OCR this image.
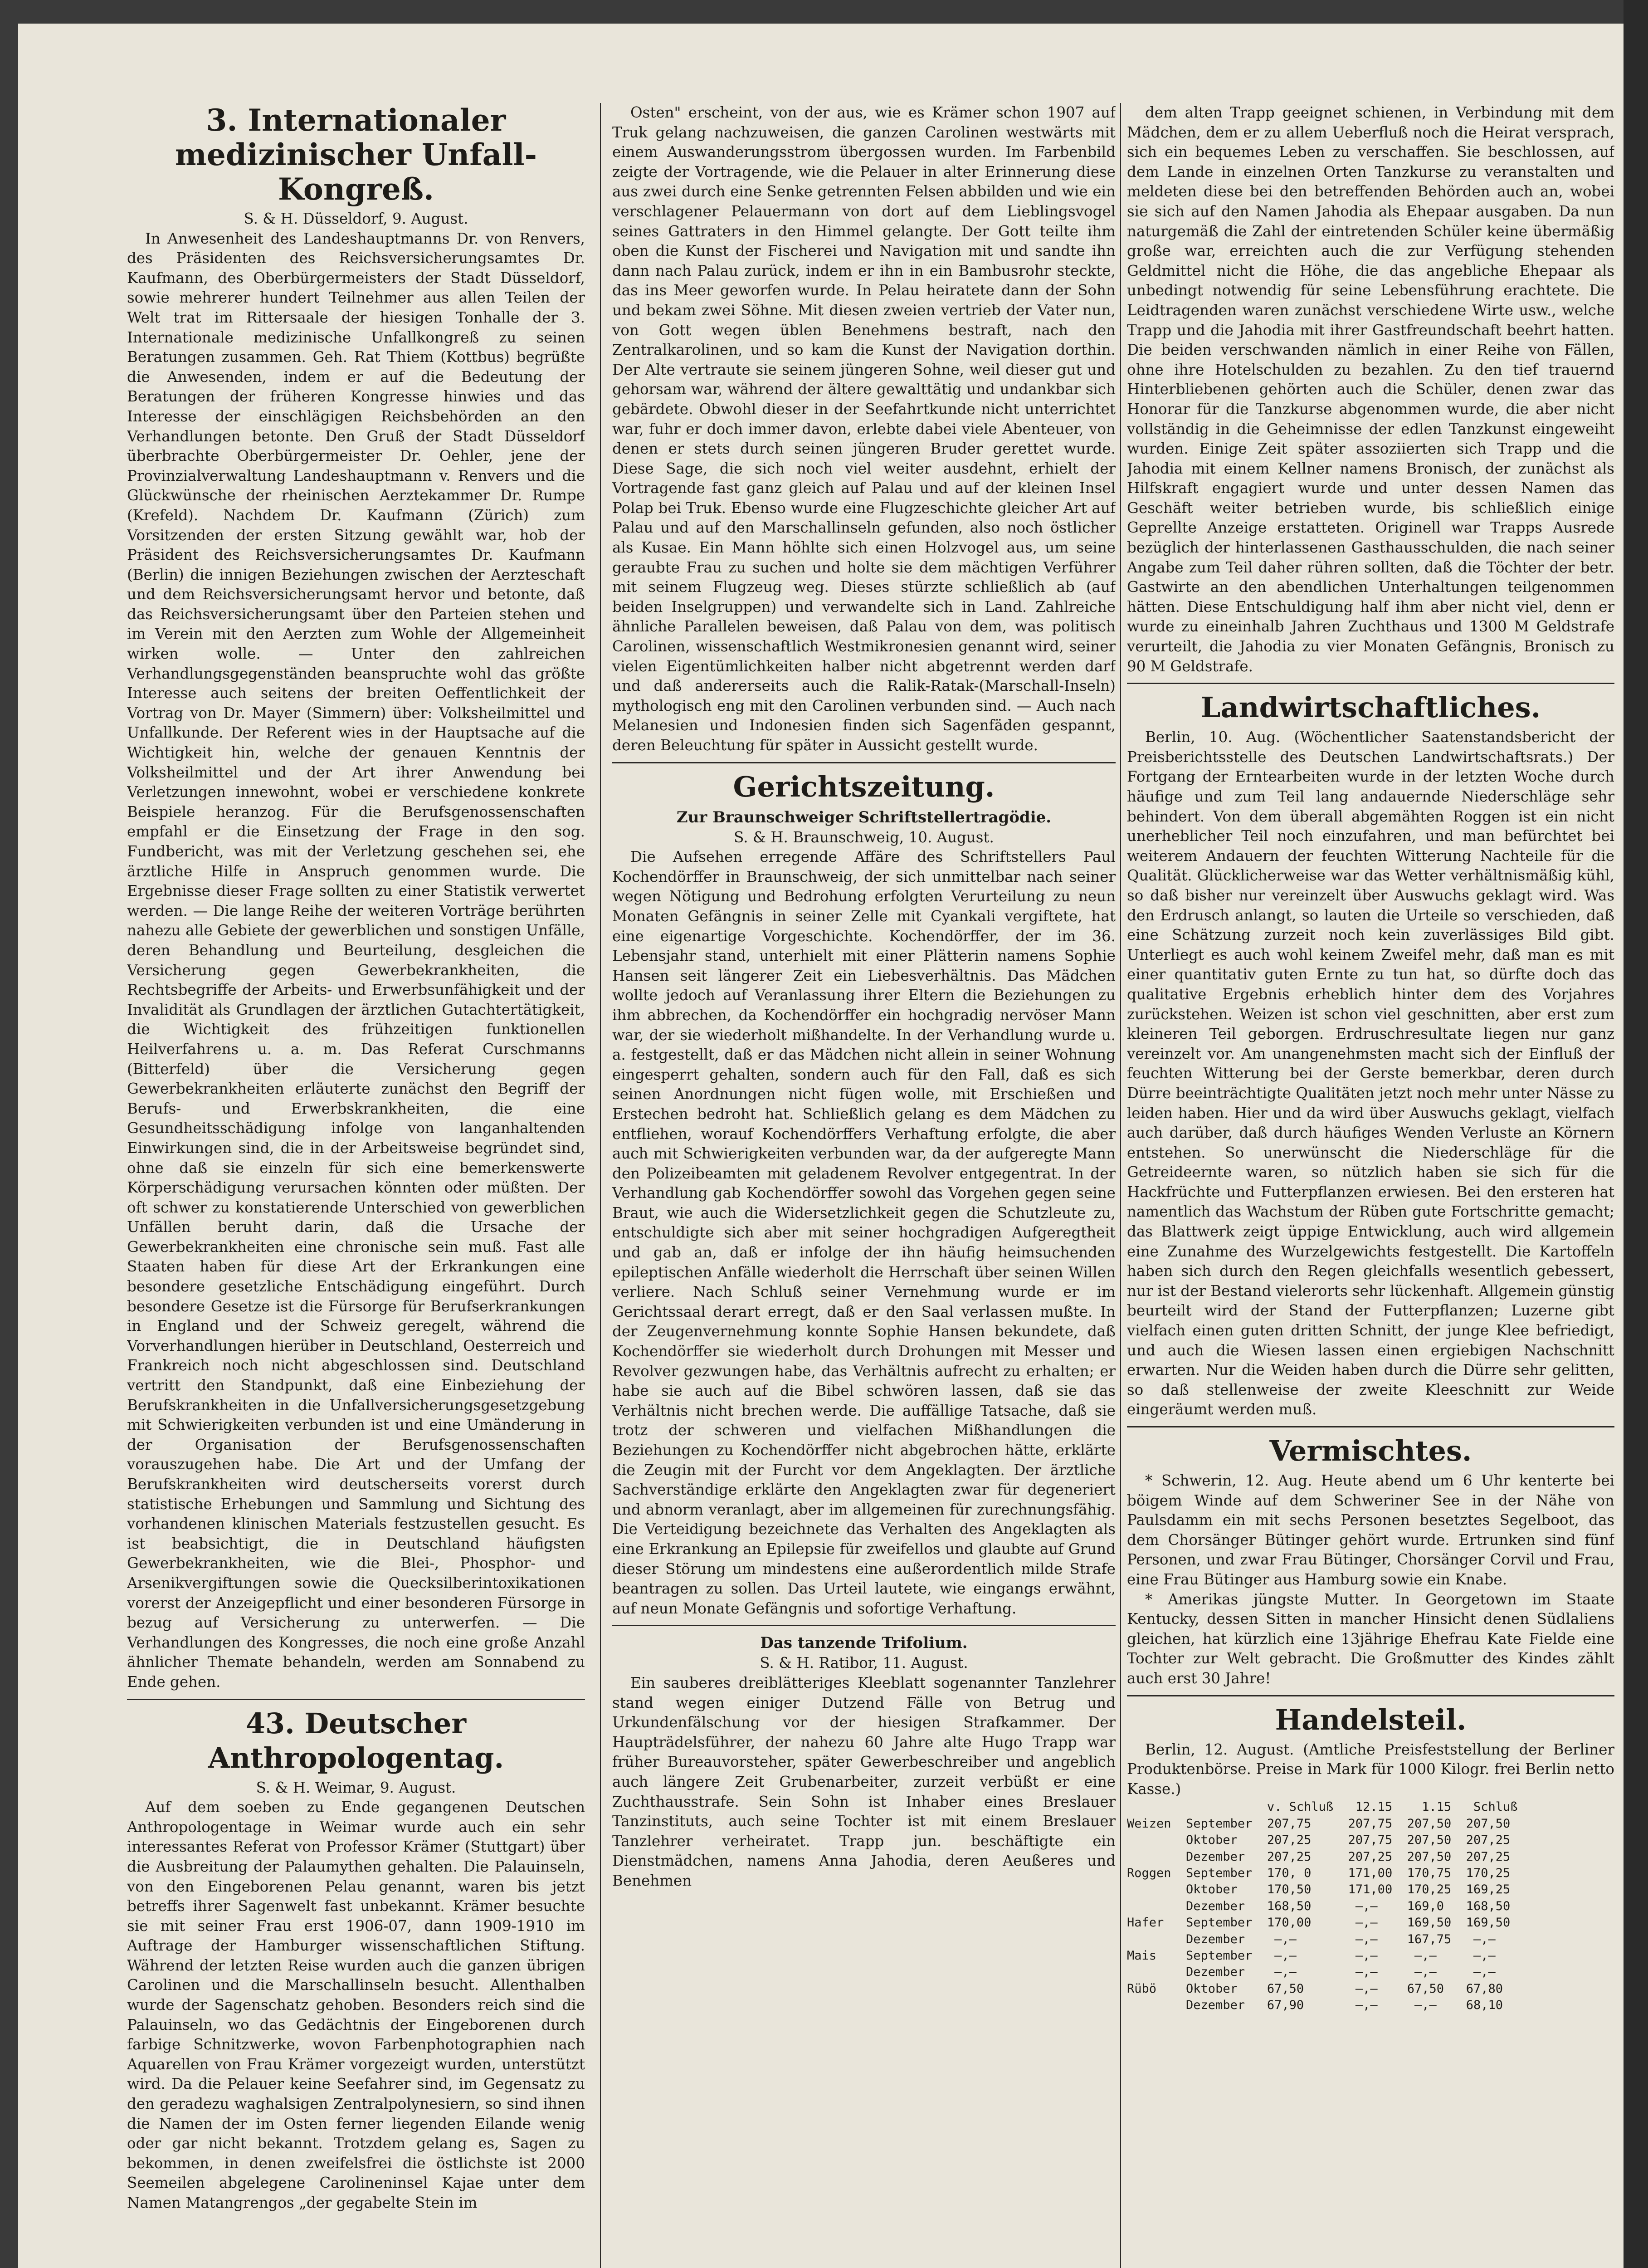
3. Internationaler medizinischer Unfall-Kongreß.

S. & H. Düsseldorf, 9. August.

In Anwesenheit des Landeshauptmanns Dr. von Renvers, des Präsidenten des Reichsversicherungsamtes Dr. Kaufmann, des Oberbürgermeisters der Stadt Düsseldorf, sowie mehrerer hundert Teilnehmer aus allen Teilen der Welt trat im Rittersaale der hiesigen Tonhalle der 3. Internationale medizinische Unfallkongreß zu seinen Beratungen zusammen. Geh. Rat Thiem (Kottbus) begrüßte die Anwesenden, indem er auf die Bedeutung der Beratungen der früheren Kongresse hinwies und das Interesse der einschlägigen Reichsbehörden an den Verhandlungen betonte. Den Gruß der Stadt Düsseldorf überbrachte Oberbürgermeister Dr. Oehler, jene der Provinzialverwaltung Landeshauptmann v. Renvers und die Glückwünsche der rheinischen Aerztekammer Dr. Rumpe (Krefeld). Nachdem Dr. Kaufmann (Zürich) zum Vorsitzenden der ersten Sitzung gewählt war, hob der Präsident des Reichsversicherungsamtes Dr. Kaufmann (Berlin) die innigen Beziehungen zwischen der Aerzteschaft und dem Reichsversicherungsamt hervor und betonte, daß das Reichsversicherungsamt über den Parteien stehen und im Verein mit den Aerzten zum Wohle der Allgemeinheit wirken wolle. — Unter den zahlreichen Verhandlungsgegenständen beanspruchte wohl das größte Interesse auch seitens der breiten Oeffentlichkeit der Vortrag von Dr. Mayer (Simmern) über: Volksheilmittel und Unfallkunde. Der Referent wies in der Hauptsache auf die Wichtigkeit hin, welche der genauen Kenntnis der Volksheilmittel und der Art ihrer Anwendung bei Verletzungen innewohnt, wobei er verschiedene konkrete Beispiele heranzog. Für die Berufsgenossenschaften empfahl er die Einsetzung der Frage in den sog. Fundbericht, was mit der Verletzung geschehen sei, ehe ärztliche Hilfe in Anspruch genommen wurde. Die Ergebnisse dieser Frage sollten zu einer Statistik verwertet werden. — Die lange Reihe der weiteren Vorträge berührten nahezu alle Gebiete der gewerblichen und sonstigen Unfälle, deren Behandlung und Beurteilung, desgleichen die Versicherung gegen Gewerbekrankheiten, die Rechtsbegriffe der Arbeits- und Erwerbsunfähigkeit und der Invalidität als Grundlagen der ärztlichen Gutachtertätigkeit, die Wichtigkeit des frühzeitigen funktionellen Heilverfahrens u. a. m. Das Referat Curschmanns (Bitterfeld) über die Versicherung gegen Gewerbekrankheiten erläuterte zunächst den Begriff der Berufs- und Erwerbskrankheiten, die eine Gesundheitsschädigung infolge von langanhaltenden Einwirkungen sind, die in der Arbeitsweise begründet sind, ohne daß sie einzeln für sich eine bemerkenswerte Körperschädigung verursachen könnten oder müßten. Der oft schwer zu konstatierende Unterschied von gewerblichen Unfällen beruht darin, daß die Ursache der Gewerbekrankheiten eine chronische sein muß. Fast alle Staaten haben für diese Art der Erkrankungen eine besondere gesetzliche Entschädigung eingeführt. Durch besondere Gesetze ist die Fürsorge für Berufserkrankungen in England und der Schweiz geregelt, während die Vorverhandlungen hierüber in Deutschland, Oesterreich und Frankreich noch nicht abgeschlossen sind. Deutschland vertritt den Standpunkt, daß eine Einbeziehung der Berufskrankheiten in die Unfallversicherungsgesetzgebung mit Schwierigkeiten verbunden ist und eine Umänderung in der Organisation der Berufsgenossenschaften vorauszugehen habe. Die Art und der Umfang der Berufskrankheiten wird deutscherseits vorerst durch statistische Erhebungen und Sammlung und Sichtung des vorhandenen klinischen Materials festzustellen gesucht. Es ist beabsichtigt, die in Deutschland häufigsten Gewerbekrankheiten, wie die Blei-, Phosphor- und Arsenikvergiftungen sowie die Quecksilberintoxikationen vorerst der Anzeigepflicht und einer besonderen Fürsorge in bezug auf Versicherung zu unterwerfen. — Die Verhandlungen des Kongresses, die noch eine große Anzahl ähnlicher Themate behandeln, werden am Sonnabend zu Ende gehen.

43. Deutscher Anthropologentag.

S. & H. Weimar, 9. August.

Auf dem soeben zu Ende gegangenen Deutschen Anthropologentage in Weimar wurde auch ein sehr interessantes Referat von Professor Krämer (Stuttgart) über die Ausbreitung der Palaumythen gehalten. Die Palauinseln, von den Eingeborenen Pelau genannt, waren bis jetzt betreffs ihrer Sagenwelt fast unbekannt. Krämer besuchte sie mit seiner Frau erst 1906-07, dann 1909-1910 im Auftrage der Hamburger wissenschaftlichen Stiftung. Während der letzten Reise wurden auch die ganzen übrigen Carolinen und die Marschallinseln besucht. Allenthalben wurde der Sagenschatz gehoben. Besonders reich sind die Palauinseln, wo das Gedächtnis der Eingeborenen durch farbige Schnitzwerke, wovon Farbenphotographien nach Aquarellen von Frau Krämer vorgezeigt wurden, unterstützt wird. Da die Pelauer keine Seefahrer sind, im Gegensatz zu den geradezu waghalsigen Zentralpolynesiern, so sind ihnen die Namen der im Osten ferner liegenden Eilande wenig oder gar nicht bekannt. Trotzdem gelang es, Sagen zu bekommen, in denen zweifelsfrei die östlichste ist 2000 Seemeilen abgelegene Carolineninsel Kajae unter dem Namen Matangrengos „der gegabelte Stein im

Osten" erscheint, von der aus, wie es Krämer schon 1907 auf Truk gelang nachzuweisen, die ganzen Carolinen westwärts mit einem Auswanderungsstrom übergossen wurden. Im Farbenbild zeigte der Vortragende, wie die Pelauer in alter Erinnerung diese aus zwei durch eine Senke getrennten Felsen abbilden und wie ein verschlagener Pelauermann von dort auf dem Lieblingsvogel seines Gattraters in den Himmel gelangte. Der Gott teilte ihm oben die Kunst der Fischerei und Navigation mit und sandte ihn dann nach Palau zurück, indem er ihn in ein Bambusrohr steckte, das ins Meer geworfen wurde. In Pelau heiratete dann der Sohn und bekam zwei Söhne. Mit diesen zweien vertrieb der Vater nun, von Gott wegen üblen Benehmens bestraft, nach den Zentralkarolinen, und so kam die Kunst der Navigation dorthin. Der Alte vertraute sie seinem jüngeren Sohne, weil dieser gut und gehorsam war, während der ältere gewalttätig und undankbar sich gebärdete. Obwohl dieser in der Seefahrtkunde nicht unterrichtet war, fuhr er doch immer davon, erlebte dabei viele Abenteuer, von denen er stets durch seinen jüngeren Bruder gerettet wurde. Diese Sage, die sich noch viel weiter ausdehnt, erhielt der Vortragende fast ganz gleich auf Palau und auf der kleinen Insel Polap bei Truk. Ebenso wurde eine Flugzeschichte gleicher Art auf Palau und auf den Marschallinseln gefunden, also noch östlicher als Kusae. Ein Mann höhlte sich einen Holzvogel aus, um seine geraubte Frau zu suchen und holte sie dem mächtigen Verführer mit seinem Flugzeug weg. Dieses stürzte schließlich ab (auf beiden Inselgruppen) und verwandelte sich in Land. Zahlreiche ähnliche Parallelen beweisen, daß Palau von dem, was politisch Carolinen, wissenschaftlich Westmikronesien genannt wird, seiner vielen Eigentümlichkeiten halber nicht abgetrennt werden darf und daß andererseits auch die Ralik-Ratak-(Marschall-Inseln) mythologisch eng mit den Carolinen verbunden sind. — Auch nach Melanesien und Indonesien finden sich Sagenfäden gespannt, deren Beleuchtung für später in Aussicht gestellt wurde.

Gerichtszeitung.

Zur Braunschweiger Schriftstellertragödie.

S. & H. Braunschweig, 10. August.

Die Aufsehen erregende Affäre des Schriftstellers Paul Kochendörffer in Braunschweig, der sich unmittelbar nach seiner wegen Nötigung und Bedrohung erfolgten Verurteilung zu neun Monaten Gefängnis in seiner Zelle mit Cyankali vergiftete, hat eine eigenartige Vorgeschichte. Kochendörffer, der im 36. Lebensjahr stand, unterhielt mit einer Plätterin namens Sophie Hansen seit längerer Zeit ein Liebesverhältnis. Das Mädchen wollte jedoch auf Veranlassung ihrer Eltern die Beziehungen zu ihm abbrechen, da Kochendörffer ein hochgradig nervöser Mann war, der sie wiederholt mißhandelte. In der Verhandlung wurde u. a. festgestellt, daß er das Mädchen nicht allein in seiner Wohnung eingesperrt gehalten, sondern auch für den Fall, daß es sich seinen Anordnungen nicht fügen wolle, mit Erschießen und Erstechen bedroht hat. Schließlich gelang es dem Mädchen zu entfliehen, worauf Kochendörffers Verhaftung erfolgte, die aber auch mit Schwierigkeiten verbunden war, da der aufgeregte Mann den Polizeibeamten mit geladenem Revolver entgegentrat. In der Verhandlung gab Kochendörffer sowohl das Vorgehen gegen seine Braut, wie auch die Widersetzlichkeit gegen die Schutzleute zu, entschuldigte sich aber mit seiner hochgradigen Aufgeregtheit und gab an, daß er infolge der ihn häufig heimsuchenden epileptischen Anfälle wiederholt die Herrschaft über seinen Willen verliere. Nach Schluß seiner Vernehmung wurde er im Gerichtssaal derart erregt, daß er den Saal verlassen mußte. In der Zeugenvernehmung konnte Sophie Hansen bekundete, daß Kochendörffer sie wiederholt durch Drohungen mit Messer und Revolver gezwungen habe, das Verhältnis aufrecht zu erhalten; er habe sie auch auf die Bibel schwören lassen, daß sie das Verhältnis nicht brechen werde. Die auffällige Tatsache, daß sie trotz der schweren und vielfachen Mißhandlungen die Beziehungen zu Kochendörffer nicht abgebrochen hätte, erklärte die Zeugin mit der Furcht vor dem Angeklagten. Der ärztliche Sachverständige erklärte den Angeklagten zwar für degeneriert und abnorm veranlagt, aber im allgemeinen für zurechnungsfähig. Die Verteidigung bezeichnete das Verhalten des Angeklagten als eine Erkrankung an Epilepsie für zweifellos und glaubte auf Grund dieser Störung um mindestens eine außerordentlich milde Strafe beantragen zu sollen. Das Urteil lautete, wie eingangs erwähnt, auf neun Monate Gefängnis und sofortige Verhaftung.

Das tanzende Trifolium.

S. & H. Ratibor, 11. August.

Ein sauberes dreiblätteriges Kleeblatt sogenannter Tanzlehrer stand wegen einiger Dutzend Fälle von Betrug und Urkundenfälschung vor der hiesigen Strafkammer. Der Haupträdelsführer, der nahezu 60 Jahre alte Hugo Trapp war früher Bureauvorsteher, später Gewerbeschreiber und angeblich auch längere Zeit Grubenarbeiter, zurzeit verbüßt er eine Zuchthausstrafe. Sein Sohn ist Inhaber eines Breslauer Tanzinstituts, auch seine Tochter ist mit einem Breslauer Tanzlehrer verheiratet. Trapp jun. beschäftigte ein Dienstmädchen, namens Anna Jahodia, deren Aeußeres und Benehmen

dem alten Trapp geeignet schienen, in Verbindung mit dem Mädchen, dem er zu allem Ueberfluß noch die Heirat versprach, sich ein bequemes Leben zu verschaffen. Sie beschlossen, auf dem Lande in einzelnen Orten Tanzkurse zu veranstalten und meldeten diese bei den betreffenden Behörden auch an, wobei sie sich auf den Namen Jahodia als Ehepaar ausgaben. Da nun naturgemäß die Zahl der eintretenden Schüler keine übermäßig große war, erreichten auch die zur Verfügung stehenden Geldmittel nicht die Höhe, die das angebliche Ehepaar als unbedingt notwendig für seine Lebensführung erachtete. Die Leidtragenden waren zunächst verschiedene Wirte usw., welche Trapp und die Jahodia mit ihrer Gastfreundschaft beehrt hatten. Die beiden verschwanden nämlich in einer Reihe von Fällen, ohne ihre Hotelschulden zu bezahlen. Zu den tief trauernd Hinterbliebenen gehörten auch die Schüler, denen zwar das Honorar für die Tanzkurse abgenommen wurde, die aber nicht vollständig in die Geheimnisse der edlen Tanzkunst eingeweiht wurden. Einige Zeit später assoziierten sich Trapp und die Jahodia mit einem Kellner namens Bronisch, der zunächst als Hilfskraft engagiert wurde und unter dessen Namen das Geschäft weiter betrieben wurde, bis schließlich einige Geprellte Anzeige erstatteten. Originell war Trapps Ausrede bezüglich der hinterlassenen Gasthausschulden, die nach seiner Angabe zum Teil daher rühren sollten, daß die Töchter der betr. Gastwirte an den abendlichen Unterhaltungen teilgenommen hätten. Diese Entschuldigung half ihm aber nicht viel, denn er wurde zu eineinhalb Jahren Zuchthaus und 1300 M Geldstrafe verurteilt, die Jahodia zu vier Monaten Gefängnis, Bronisch zu 90 M Geldstrafe.

Landwirtschaftliches.

Berlin, 10. Aug. (Wöchentlicher Saatenstandsbericht der Preisberichtsstelle des Deutschen Landwirtschaftsrats.) Der Fortgang der Erntearbeiten wurde in der letzten Woche durch häufige und zum Teil lang andauernde Niederschläge sehr behindert. Von dem überall abgemähten Roggen ist ein nicht unerheblicher Teil noch einzufahren, und man befürchtet bei weiterem Andauern der feuchten Witterung Nachteile für die Qualität. Glücklicherweise war das Wetter verhältnismäßig kühl, so daß bisher nur vereinzelt über Auswuchs geklagt wird. Was den Erdrusch anlangt, so lauten die Urteile so verschieden, daß eine Schätzung zurzeit noch kein zuverlässiges Bild gibt. Unterliegt es auch wohl keinem Zweifel mehr, daß man es mit einer quantitativ guten Ernte zu tun hat, so dürfte doch das qualitative Ergebnis erheblich hinter dem des Vorjahres zurückstehen. Weizen ist schon viel geschnitten, aber erst zum kleineren Teil geborgen. Erdruschresultate liegen nur ganz vereinzelt vor. Am unangenehmsten macht sich der Einfluß der feuchten Witterung bei der Gerste bemerkbar, deren durch Dürre beeinträchtigte Qualitäten jetzt noch mehr unter Nässe zu leiden haben. Hier und da wird über Auswuchs geklagt, vielfach auch darüber, daß durch häufiges Wenden Verluste an Körnern entstehen. So unerwünscht die Niederschläge für die Getreideernte waren, so nützlich haben sie sich für die Hackfrüchte und Futterpflanzen erwiesen. Bei den ersteren hat namentlich das Wachstum der Rüben gute Fortschritte gemacht; das Blattwerk zeigt üppige Entwicklung, auch wird allgemein eine Zunahme des Wurzelgewichts festgestellt. Die Kartoffeln haben sich durch den Regen gleichfalls wesentlich gebessert, nur ist der Bestand vielerorts sehr lückenhaft. Allgemein günstig beurteilt wird der Stand der Futterpflanzen; Luzerne gibt vielfach einen guten dritten Schnitt, der junge Klee befriedigt, und auch die Wiesen lassen einen ergiebigen Nachschnitt erwarten. Nur die Weiden haben durch die Dürre sehr gelitten, so daß stellenweise der zweite Kleeschnitt zur Weide eingeräumt werden muß.

Vermischtes.

* Schwerin, 12. Aug. Heute abend um 6 Uhr kenterte bei böigem Winde auf dem Schweriner See in der Nähe von Paulsdamm ein mit sechs Personen besetztes Segelboot, das dem Chorsänger Bütinger gehört wurde. Ertrunken sind fünf Personen, und zwar Frau Bütinger, Chorsänger Corvil und Frau, eine Frau Bütinger aus Hamburg sowie ein Knabe.

* Amerikas jüngste Mutter. In Georgetown im Staate Kentucky, dessen Sitten in mancher Hinsicht denen Südlaliens gleichen, hat kürzlich eine 13jährige Ehefrau Kate Fielde eine Tochter zur Welt gebracht. Die Großmutter des Kindes zählt auch erst 30 Jahre!

Handelsteil.

Berlin, 12. August. (Amtliche Preisfeststellung der Berliner Produktenbörse. Preise in Mark für 1000 Kilogr. frei Berlin netto Kasse.)

v. Schluß   12.15    1.15   Schluß
Weizen  September  207,75     207,75  207,50  207,50
Oktober    207,25     207,75  207,50  207,25
Dezember   207,25     207,25  207,50  207,25
Roggen  September  170, 0     171,00  170,75  170,25
Oktober    170,50     171,00  170,25  169,25
Dezember   168,50      —,—    169,0   168,50
Hafer   September  170,00      —,—    169,50  169,50
Dezember    —,—        —,—    167,75   —,—
Mais    September   —,—        —,—     —,—     —,—
Dezember    —,—        —,—     —,—     —,—
Rübö    Oktober    67,50       —,—    67,50   67,80
Dezember   67,90       —,—     —,—    68,10
